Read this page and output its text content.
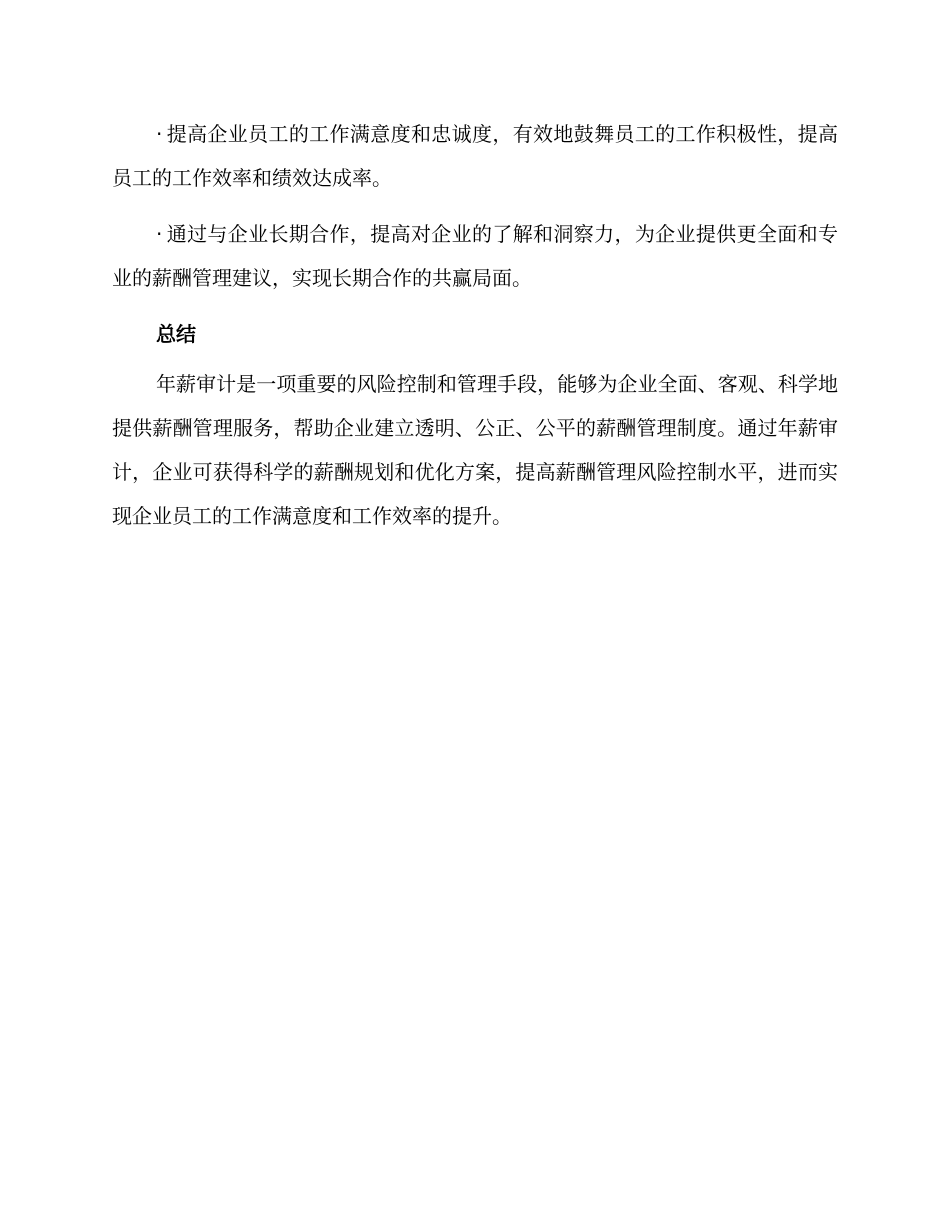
· 提高企业员工的工作满意度和忠诚度，有效地鼓舞员工的工作积极性，提高员工的工作效率和绩效达成率。

· 通过与企业长期合作，提高对企业的了解和洞察力，为企业提供更全面和专业的薪酬管理建议，实现长期合作的共赢局面。

总结

年薪审计是一项重要的风险控制和管理手段，能够为企业全面、客观、科学地提供薪酬管理服务，帮助企业建立透明、公正、公平的薪酬管理制度。通过年薪审计，企业可获得科学的薪酬规划和优化方案，提高薪酬管理风险控制水平，进而实现企业员工的工作满意度和工作效率的提升。
